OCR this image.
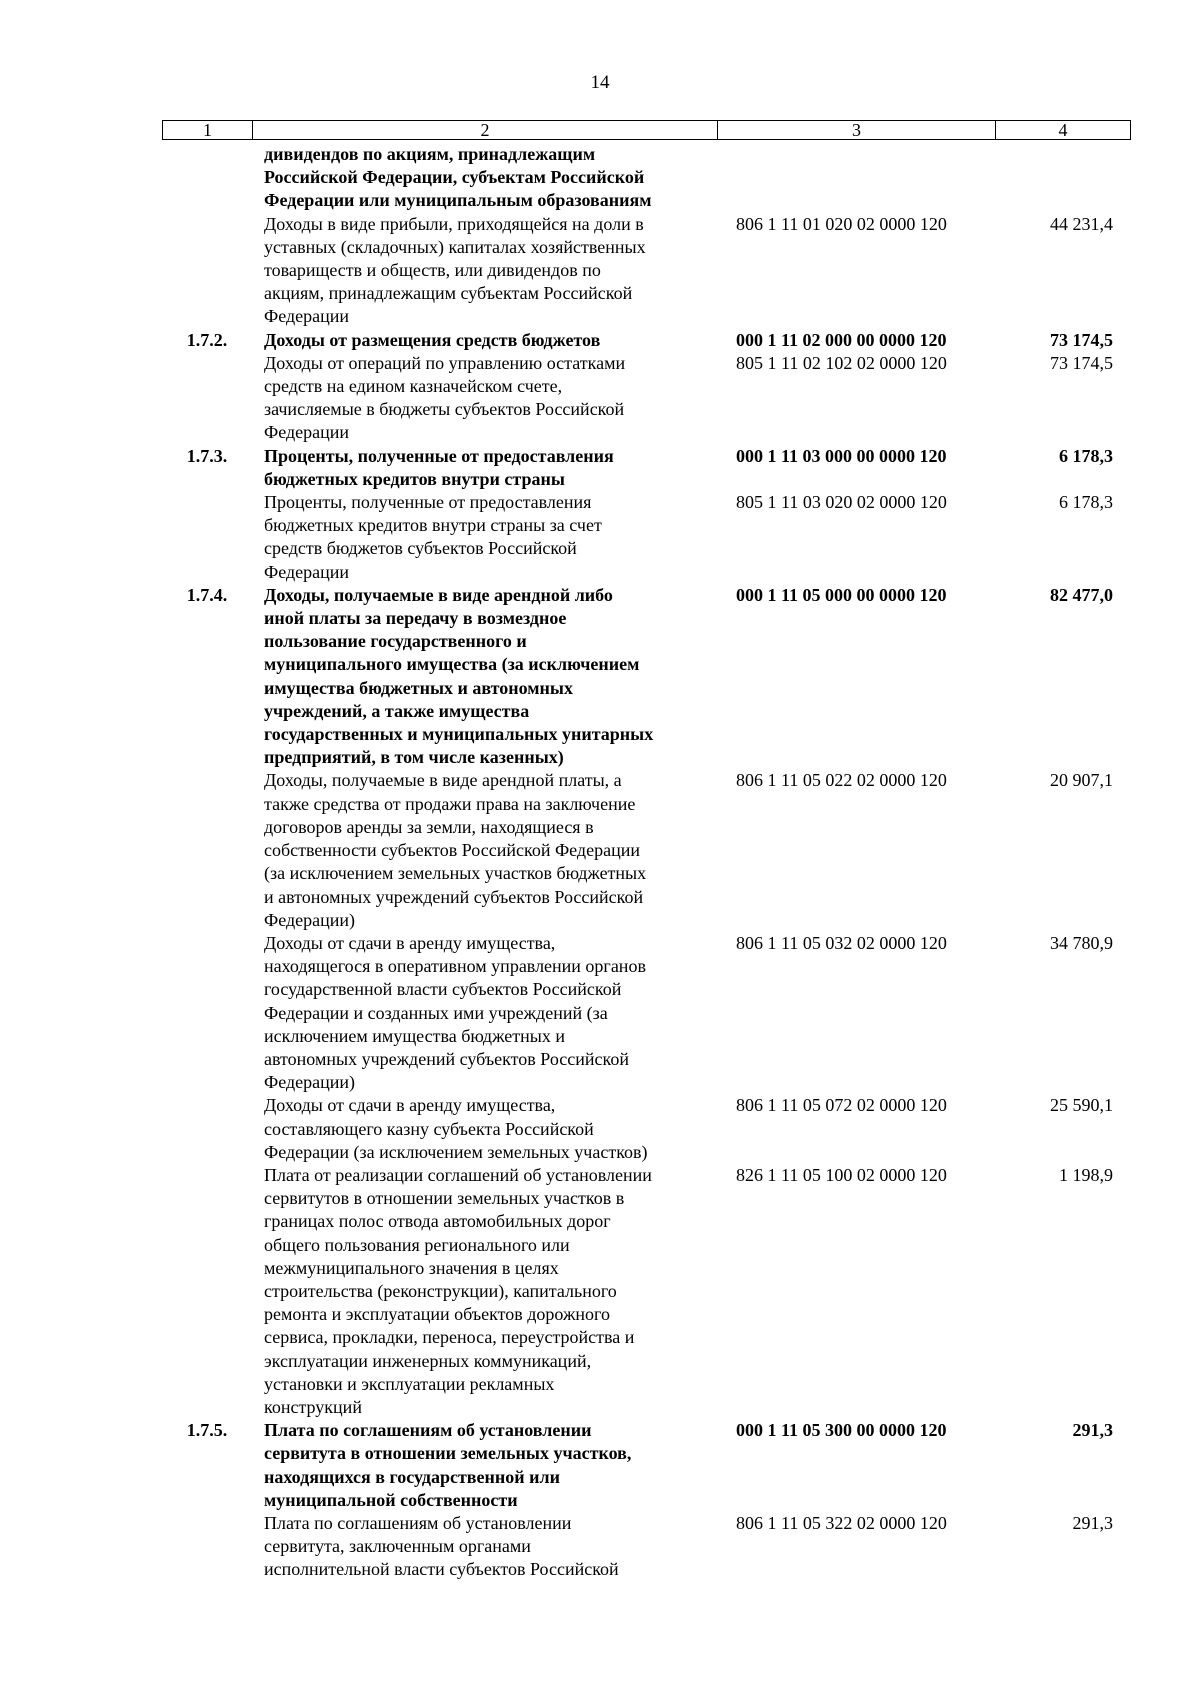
14
1	2	3	4
дивидендов по акциям, принадлежащим
Российской Федерации, субъектам Российской
Федерации или муниципальным образованиям
Доходы в виде прибыли, приходящейся на доли в
уставных (складочных) капиталах хозяйственных
товариществ и обществ, или дивидендов по
акциям, принадлежащим субъектам Российской
Федерации
806 1 11 01 020 02 0000 120	44 231,4
1.7.2.	Доходы от размещения средств бюджетов	000 1 11 02 000 00 0000 120	73 174,5
Доходы от операций по управлению остатками
средств на едином казначейском счете,
зачисляемые в бюджеты субъектов Российской
Федерации
805 1 11 02 102 02 0000 120	73 174,5
1.7.3.	Проценты, полученные от предоставления
бюджетных кредитов внутри страны
000 1 11 03 000 00 0000 120	6 178,3
Проценты, полученные от предоставления
бюджетных кредитов внутри страны за счет
средств бюджетов субъектов Российской
Федерации
805 1 11 03 020 02 0000 120	6 178,3
1.7.4.	Доходы, получаемые в виде арендной либо
иной платы за передачу в возмездное
пользование государственного и
муниципального имущества (за исключением
имущества бюджетных и автономных
учреждений, а также имущества
государственных и муниципальных унитарных
предприятий, в том числе казенных)
000 1 11 05 000 00 0000 120	82 477,0
Доходы, получаемые в виде арендной платы, а
также средства от продажи права на заключение
договоров аренды за земли, находящиеся в
собственности субъектов Российской Федерации
(за исключением земельных участков бюджетных
и автономных учреждений субъектов Российской
Федерации)
806 1 11 05 022 02 0000 120	20 907,1
Доходы от сдачи в аренду имущества,
находящегося в оперативном управлении органов
государственной власти субъектов Российской
Федерации и созданных ими учреждений (за
исключением имущества бюджетных и
автономных учреждений субъектов Российской
Федерации)
806 1 11 05 032 02 0000 120	34 780,9
Доходы от сдачи в аренду имущества,
составляющего казну субъекта Российской
Федерации (за исключением земельных участков)
806 1 11 05 072 02 0000 120	25 590,1
Плата от реализации соглашений об установлении
сервитутов в отношении земельных участков в
границах полос отвода автомобильных дорог
общего пользования регионального или
межмуниципального значения в целях
строительства (реконструкции), капитального
ремонта и эксплуатации объектов дорожного
сервиса, прокладки, переноса, переустройства и
эксплуатации инженерных коммуникаций,
установки и эксплуатации рекламных
конструкций
826 1 11 05 100 02 0000 120	1 198,9
1.7.5.	Плата по соглашениям об установлении
сервитута в отношении земельных участков,
находящихся в государственной или
муниципальной собственности
000 1 11 05 300 00 0000 120	291,3
Плата по соглашениям об установлении
сервитута, заключенным органами
исполнительной власти субъектов Российской
806 1 11 05 322 02 0000 120	291,3
